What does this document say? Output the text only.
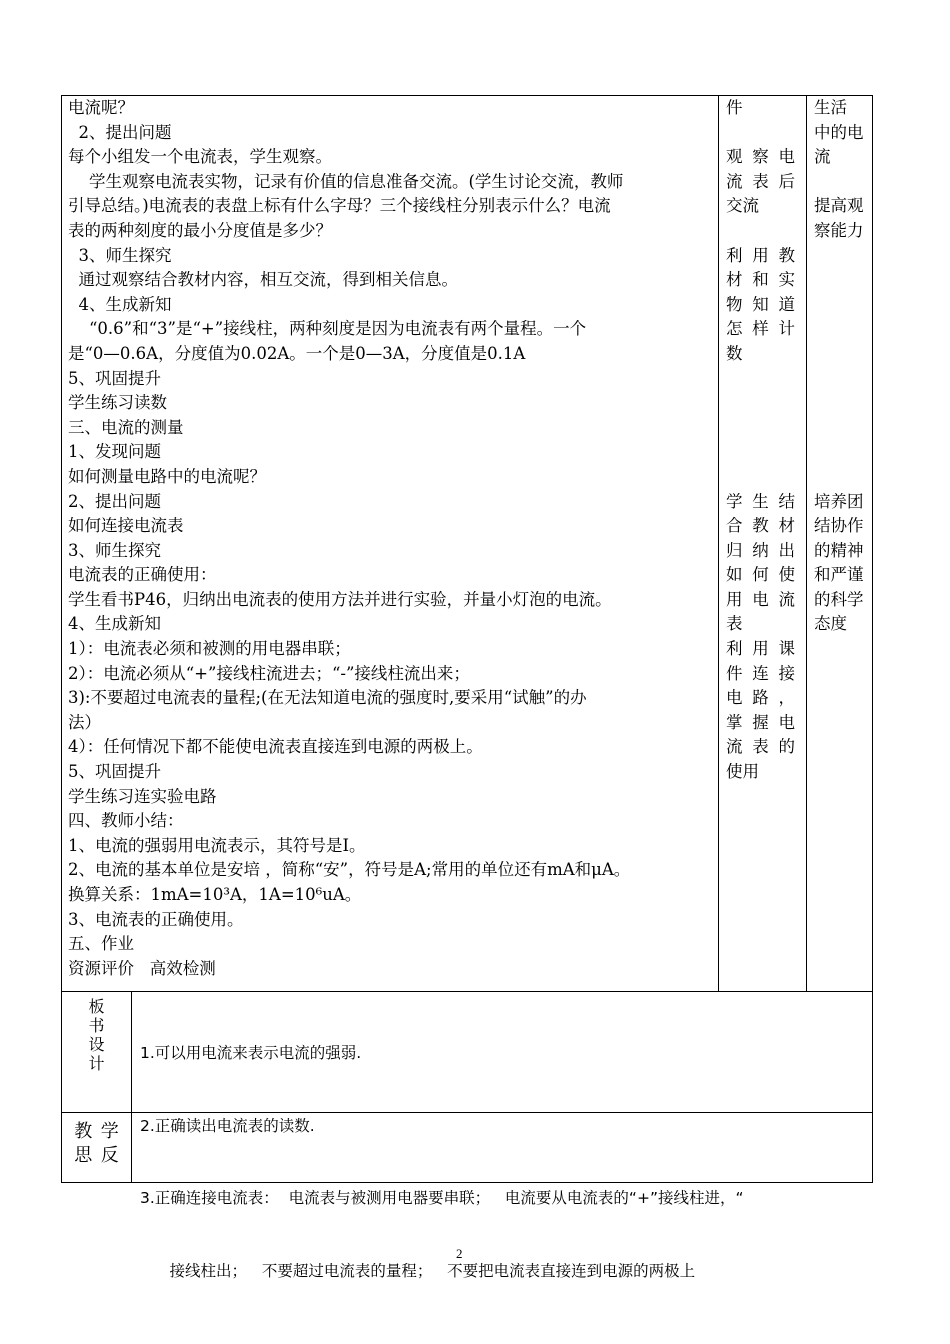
电流呢？
2、提出问题
每个小组发一个电流表，学生观察。
学生观察电流表实物，记录有价值的信息准备交流。(学生讨论交流，教师
引导总结。)电流表的表盘上标有什么字母？三个接线柱分别表示什么？电流
表的两种刻度的最小分度值是多少？
3、师生探究
通过观察结合教材内容，相互交流，得到相关信息。
4、生成新知
“0.6”和“3”是“+”接线柱，两种刻度是因为电流表有两个量程。一个
是“0—0.6A，分度值为0.02A。一个是0—3A，分度值是0.1A
5、巩固提升
学生练习读数
三、电流的测量
1、发现问题
如何测量电路中的电流呢？
2、提出问题
如何连接电流表
3、师生探究
电流表的正确使用：
学生看书P46，归纳出电流表的使用方法并进行实验，并量小灯泡的电流。
4、生成新知
1）：电流表必须和被测的用电器串联；
2）：电流必须从“+”接线柱流进去；“-”接线柱流出来；
3):不要超过电流表的量程;(在无法知道电流的强度时,要采用“试触”的办
法）
4）：任何情况下都不能使电流表直接连到电源的两极上。
5、巩固提升
学生练习连实验电路
四、教师小结：
1、电流的强弱用电流表示，其符号是I。
2、电流的基本单位是安培 ，简称“安”，符号是A;常用的单位还有mA和μA。
换算关系：1mA=10³A，1A=10⁶uA。
3、电流表的正确使用。
五、作业
资源评价   高效检测
件
观 察 电
流 表 后
交流
利 用 教
材 和 实
物 知 道
怎 样 计
数
学 生 结
合 教 材
归 纳 出
如 何 使
用 电 流
表
利 用 课
件 连 接
电 路 ，
掌 握 电
流 表 的
使用
生活
中的电
流
提高观
察能力
培养团
结协作
的精神
和严谨
的科学
态度
板
书
设
计

1.可以用电流来表示电流的强弱.

2.正确读出电流表的读数.

3.正确连接电流表：  电流表与被测用电器要串联；   电流要从电流表的“+”接线柱进，“

接线柱出；   不要超过电流表的量程；   不要把电流表直接连到电源的两极上

教 学
思 反
2
